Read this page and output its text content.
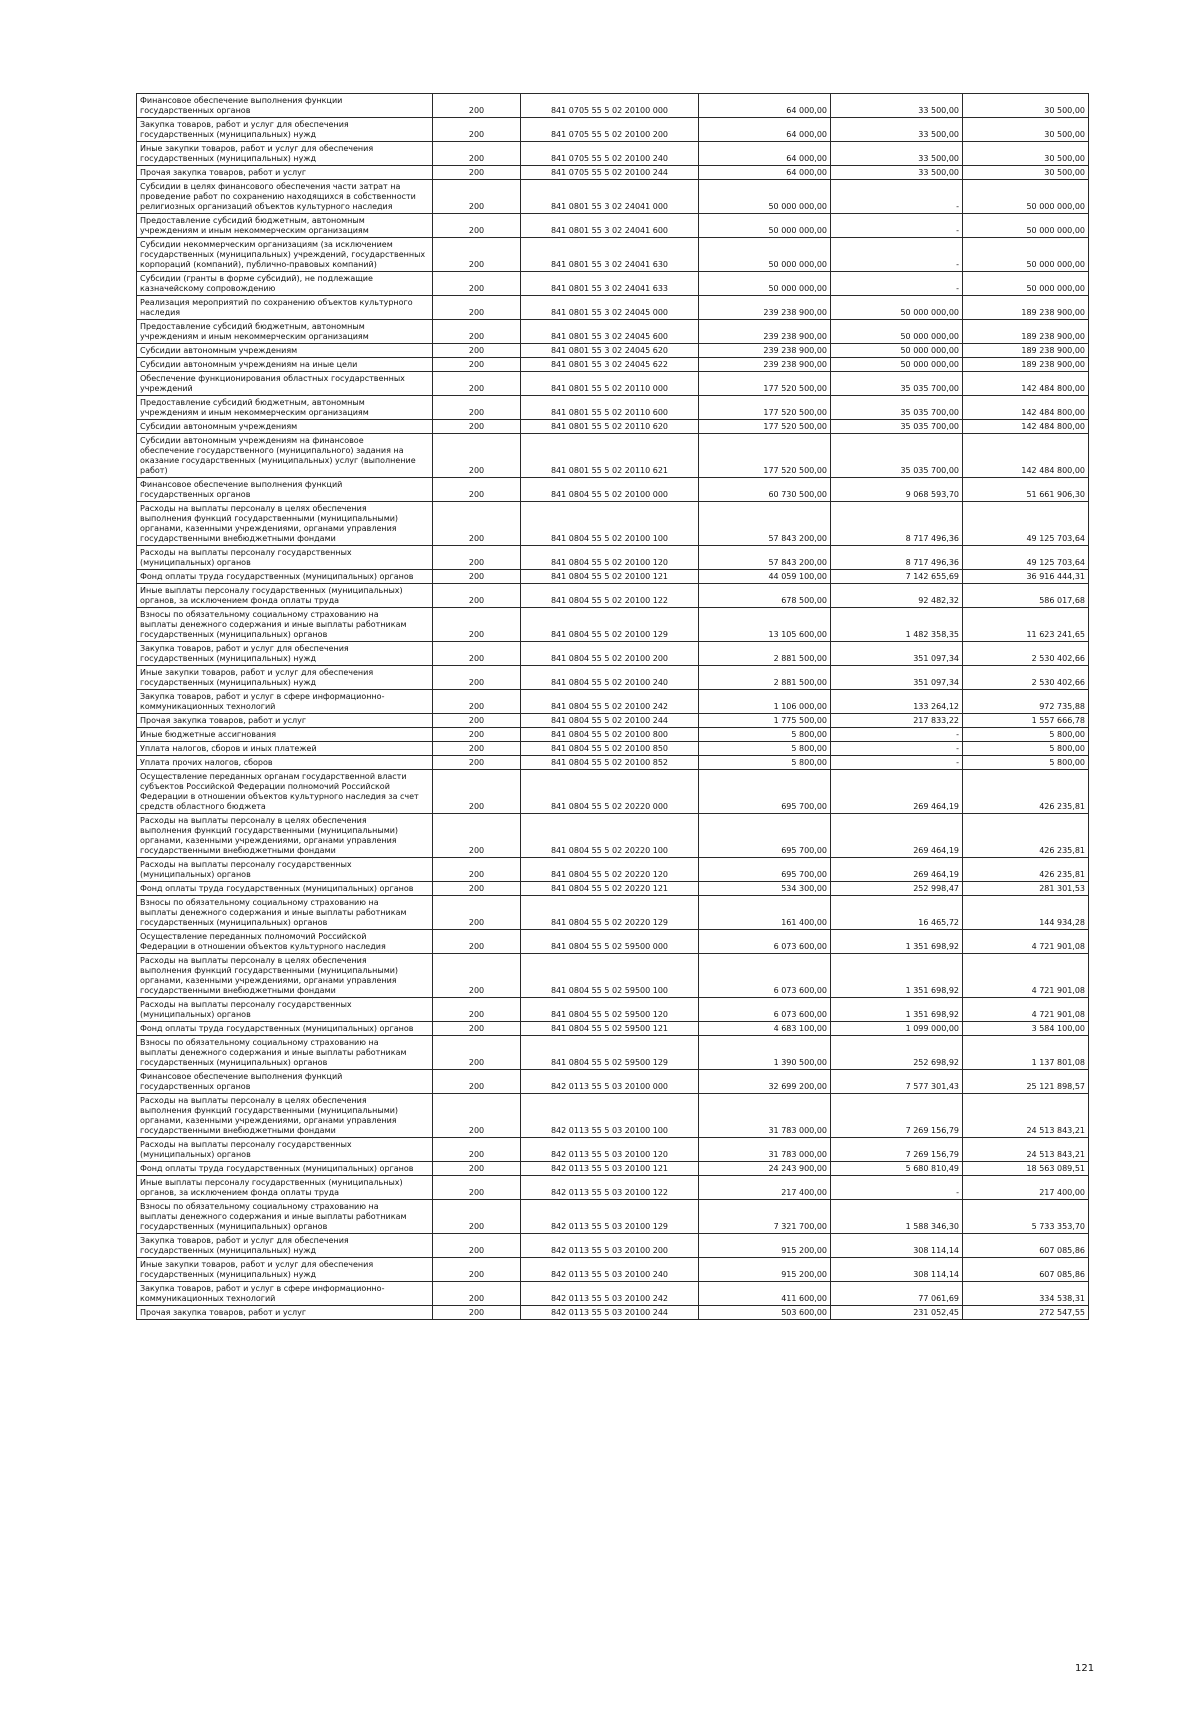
Финансовое обеспечение выполнения функции
государственных органов	200	841 0705 55 5 02 20100 000	64 000,00	33 500,00	30 500,00
Закупка товаров, работ и услуг для обеспечения
государственных (муниципальных) нужд	200	841 0705 55 5 02 20100 200	64 000,00	33 500,00	30 500,00
Иные закупки товаров, работ и услуг для обеспечения
государственных (муниципальных) нужд	200	841 0705 55 5 02 20100 240	64 000,00	33 500,00	30 500,00
Прочая закупка товаров, работ и услуг	200	841 0705 55 5 02 20100 244	64 000,00	33 500,00	30 500,00
Субсидии в целях финансового обеспечения части затрат на
проведение работ по сохранению находящихся в собственности
религиозных организаций объектов культурного наследия	200	841 0801 55 3 02 24041 000	50 000 000,00	-	50 000 000,00
Предоставление субсидий бюджетным, автономным
учреждениям и иным некоммерческим организациям	200	841 0801 55 3 02 24041 600	50 000 000,00	-	50 000 000,00
Субсидии некоммерческим организациям (за исключением
государственных (муниципальных) учреждений, государственных
корпораций (компаний), публично-правовых компаний)	200	841 0801 55 3 02 24041 630	50 000 000,00	-	50 000 000,00
Субсидии (гранты в форме субсидий), не подлежащие
казначейскому сопровождению	200	841 0801 55 3 02 24041 633	50 000 000,00	-	50 000 000,00
Реализация мероприятий по сохранению объектов культурного
наследия	200	841 0801 55 3 02 24045 000	239 238 900,00	50 000 000,00	189 238 900,00
Предоставление субсидий бюджетным, автономным
учреждениям и иным некоммерческим организациям	200	841 0801 55 3 02 24045 600	239 238 900,00	50 000 000,00	189 238 900,00
Субсидии автономным учреждениям	200	841 0801 55 3 02 24045 620	239 238 900,00	50 000 000,00	189 238 900,00
Субсидии автономным учреждениям на иные цели	200	841 0801 55 3 02 24045 622	239 238 900,00	50 000 000,00	189 238 900,00
Обеспечение функционирования областных государственных
учреждений	200	841 0801 55 5 02 20110 000	177 520 500,00	35 035 700,00	142 484 800,00
Предоставление субсидий бюджетным, автономным
учреждениям и иным некоммерческим организациям	200	841 0801 55 5 02 20110 600	177 520 500,00	35 035 700,00	142 484 800,00
Субсидии автономным учреждениям	200	841 0801 55 5 02 20110 620	177 520 500,00	35 035 700,00	142 484 800,00
Субсидии автономным учреждениям на финансовое
обеспечение государственного (муниципального) задания на
оказание государственных (муниципальных) услуг (выполнение
работ)	200	841 0801 55 5 02 20110 621	177 520 500,00	35 035 700,00	142 484 800,00
Финансовое обеспечение выполнения функций
государственных органов	200	841 0804 55 5 02 20100 000	60 730 500,00	9 068 593,70	51 661 906,30
Расходы на выплаты персоналу в целях обеспечения
выполнения функций государственными (муниципальными)
органами, казенными учреждениями, органами управления
государственными внебюджетными фондами	200	841 0804 55 5 02 20100 100	57 843 200,00	8 717 496,36	49 125 703,64
Расходы на выплаты персоналу государственных
(муниципальных) органов	200	841 0804 55 5 02 20100 120	57 843 200,00	8 717 496,36	49 125 703,64
Фонд оплаты труда государственных (муниципальных) органов	200	841 0804 55 5 02 20100 121	44 059 100,00	7 142 655,69	36 916 444,31
Иные выплаты персоналу государственных (муниципальных)
органов, за исключением фонда оплаты труда	200	841 0804 55 5 02 20100 122	678 500,00	92 482,32	586 017,68
Взносы по обязательному социальному страхованию на
выплаты денежного содержания и иные выплаты работникам
государственных (муниципальных) органов	200	841 0804 55 5 02 20100 129	13 105 600,00	1 482 358,35	11 623 241,65
Закупка товаров, работ и услуг для обеспечения
государственных (муниципальных) нужд	200	841 0804 55 5 02 20100 200	2 881 500,00	351 097,34	2 530 402,66
Иные закупки товаров, работ и услуг для обеспечения
государственных (муниципальных) нужд	200	841 0804 55 5 02 20100 240	2 881 500,00	351 097,34	2 530 402,66
Закупка товаров, работ и услуг в сфере информационно-
коммуникационных технологий	200	841 0804 55 5 02 20100 242	1 106 000,00	133 264,12	972 735,88
Прочая закупка товаров, работ и услуг	200	841 0804 55 5 02 20100 244	1 775 500,00	217 833,22	1 557 666,78
Иные бюджетные ассигнования	200	841 0804 55 5 02 20100 800	5 800,00	-	5 800,00
Уплата налогов, сборов и иных платежей	200	841 0804 55 5 02 20100 850	5 800,00	-	5 800,00
Уплата прочих налогов, сборов	200	841 0804 55 5 02 20100 852	5 800,00	-	5 800,00
Осуществление переданных органам государственной власти
субъектов Российской Федерации полномочий Российской
Федерации в отношении объектов культурного наследия за счет
средств областного бюджета	200	841 0804 55 5 02 20220 000	695 700,00	269 464,19	426 235,81
Расходы на выплаты персоналу в целях обеспечения
выполнения функций государственными (муниципальными)
органами, казенными учреждениями, органами управления
государственными внебюджетными фондами	200	841 0804 55 5 02 20220 100	695 700,00	269 464,19	426 235,81
Расходы на выплаты персоналу государственных
(муниципальных) органов	200	841 0804 55 5 02 20220 120	695 700,00	269 464,19	426 235,81
Фонд оплаты труда государственных (муниципальных) органов	200	841 0804 55 5 02 20220 121	534 300,00	252 998,47	281 301,53
Взносы по обязательному социальному страхованию на
выплаты денежного содержания и иные выплаты работникам
государственных (муниципальных) органов	200	841 0804 55 5 02 20220 129	161 400,00	16 465,72	144 934,28
Осуществление переданных полномочий Российской
Федерации в отношении объектов культурного наследия	200	841 0804 55 5 02 59500 000	6 073 600,00	1 351 698,92	4 721 901,08
Расходы на выплаты персоналу в целях обеспечения
выполнения функций государственными (муниципальными)
органами, казенными учреждениями, органами управления
государственными внебюджетными фондами	200	841 0804 55 5 02 59500 100	6 073 600,00	1 351 698,92	4 721 901,08
Расходы на выплаты персоналу государственных
(муниципальных) органов	200	841 0804 55 5 02 59500 120	6 073 600,00	1 351 698,92	4 721 901,08
Фонд оплаты труда государственных (муниципальных) органов	200	841 0804 55 5 02 59500 121	4 683 100,00	1 099 000,00	3 584 100,00
Взносы по обязательному социальному страхованию на
выплаты денежного содержания и иные выплаты работникам
государственных (муниципальных) органов	200	841 0804 55 5 02 59500 129	1 390 500,00	252 698,92	1 137 801,08
Финансовое обеспечение выполнения функций
государственных органов	200	842 0113 55 5 03 20100 000	32 699 200,00	7 577 301,43	25 121 898,57
Расходы на выплаты персоналу в целях обеспечения
выполнения функций государственными (муниципальными)
органами, казенными учреждениями, органами управления
государственными внебюджетными фондами	200	842 0113 55 5 03 20100 100	31 783 000,00	7 269 156,79	24 513 843,21
Расходы на выплаты персоналу государственных
(муниципальных) органов	200	842 0113 55 5 03 20100 120	31 783 000,00	7 269 156,79	24 513 843,21
Фонд оплаты труда государственных (муниципальных) органов	200	842 0113 55 5 03 20100 121	24 243 900,00	5 680 810,49	18 563 089,51
Иные выплаты персоналу государственных (муниципальных)
органов, за исключением фонда оплаты труда	200	842 0113 55 5 03 20100 122	217 400,00	-	217 400,00
Взносы по обязательному социальному страхованию на
выплаты денежного содержания и иные выплаты работникам
государственных (муниципальных) органов	200	842 0113 55 5 03 20100 129	7 321 700,00	1 588 346,30	5 733 353,70
Закупка товаров, работ и услуг для обеспечения
государственных (муниципальных) нужд	200	842 0113 55 5 03 20100 200	915 200,00	308 114,14	607 085,86
Иные закупки товаров, работ и услуг для обеспечения
государственных (муниципальных) нужд	200	842 0113 55 5 03 20100 240	915 200,00	308 114,14	607 085,86
Закупка товаров, работ и услуг в сфере информационно-
коммуникационных технологий	200	842 0113 55 5 03 20100 242	411 600,00	77 061,69	334 538,31
Прочая закупка товаров, работ и услуг	200	842 0113 55 5 03 20100 244	503 600,00	231 052,45	272 547,55
121
